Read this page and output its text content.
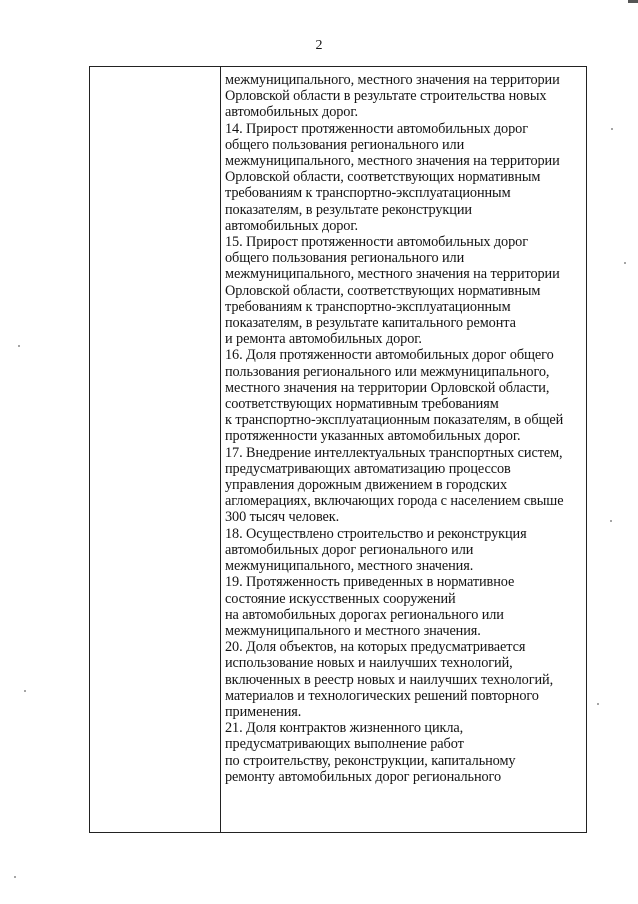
2
межмуниципального, местного значения на территории
Орловской области в результате строительства новых
автомобильных дорог.
14. Прирост протяженности автомобильных дорог
общего пользования регионального или
межмуниципального, местного значения на территории
Орловской области, соответствующих нормативным
требованиям к транспортно-эксплуатационным
показателям, в результате реконструкции
автомобильных дорог.
15. Прирост протяженности автомобильных дорог
общего пользования регионального или
межмуниципального, местного значения на территории
Орловской области, соответствующих нормативным
требованиям к транспортно-эксплуатационным
показателям, в результате капитального ремонта
и ремонта автомобильных дорог.
16. Доля протяженности автомобильных дорог общего
пользования регионального или межмуниципального,
местного значения на территории Орловской области,
соответствующих нормативным требованиям
к транспортно-эксплуатационным показателям, в общей
протяженности указанных автомобильных дорог.
17. Внедрение интеллектуальных транспортных систем,
предусматривающих автоматизацию процессов
управления дорожным движением в городских
агломерациях, включающих города с населением свыше
300 тысяч человек.
18. Осуществлено строительство и реконструкция
автомобильных дорог регионального или
межмуниципального, местного значения.
19. Протяженность приведенных в нормативное
состояние искусственных сооружений
на автомобильных дорогах регионального или
межмуниципального и местного значения.
20. Доля объектов, на которых предусматривается
использование новых и наилучших технологий,
включенных в реестр новых и наилучших технологий,
материалов и технологических решений повторного
применения.
21. Доля контрактов жизненного цикла,
предусматривающих выполнение работ
по строительству, реконструкции, капитальному
ремонту автомобильных дорог регионального
